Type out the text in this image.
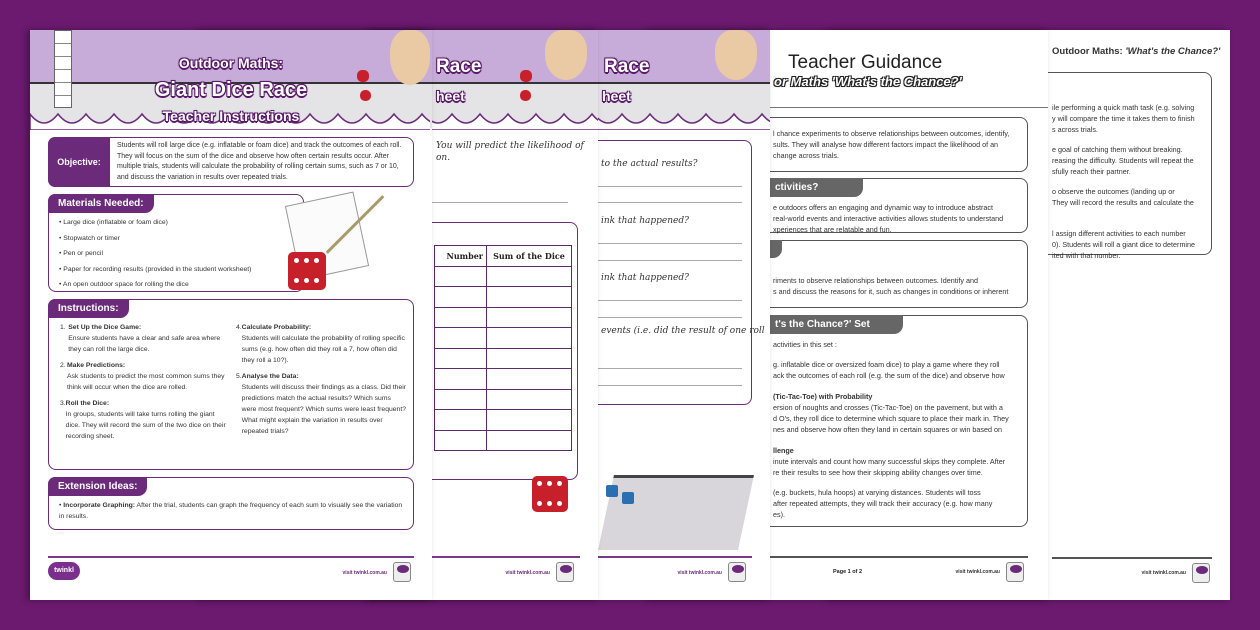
Outdoor Maths: 'What's the Chance?'
ile performing a quick math task (e.g. solving
y will compare the time it takes them to finish
s across trials.
e goal of catching them without breaking.
reasing the difficulty. Students will repeat the
sfully reach their partner.
o observe the outcomes (landing up or
They will record the results and calculate the
l assign different activities to each number
0). Students will roll a giant dice to determine
ited with that number.
visit twinkl.com.au
Teacher Guidance
or Maths 'What's the Chance?'
l chance experiments to observe relationships between outcomes, identify,
sults. They will analyse how different factors impact the likelihood of an
change across trials.
ctivities?
e outdoors offers an engaging and dynamic way to introduce abstract
real-world events and interactive activities allows students to understand
xperiences that are relatable and fun.
riments to observe relationships between outcomes. Identify and
s and discuss the reasons for it, such as changes in conditions or inherent
t's the Chance?' Set
activities in this set :
g. inflatable dice or oversized foam dice) to play a game where they roll
ack the outcomes of each roll (e.g. the sum of the dice) and observe how
(Tic-Tac-Toe) with Probability
ersion of noughts and crosses (Tic-Tac-Toe) on the pavement, but with a
d O's, they roll dice to determine which square to place their mark in. They
nes and observe how often they land in certain squares or win based on
llenge
inute intervals and count how many successful skips they complete. After
re their results to see how their skipping ability changes over time.
(e.g. buckets, hula hoops) at varying distances. Students will toss
after repeated attempts, they will track their accuracy (e.g. how many
es).
Page 1 of 2	visit twinkl.com.au
Race
heet
to the actual results?
ink that happened?
ink that happened?
events (i.e. did the result of one roll
visit twinkl.com.au
Race
heet
You will predict the likelihood of
on.
Number	Sum of the Dice

visit twinkl.com.au
Outdoor Maths:
Giant Dice Race
Teacher Instructions
Objective:
Students will roll large dice (e.g. inflatable or foam dice) and track the outcomes of each roll. They will focus on the sum of the dice and observe how often certain results occur. After multiple trials, students will calculate the probability of rolling certain sums, such as 7 or 10, and discuss the variation in results over repeated trials.
Materials Needed:
• Large dice (inflatable or foam dice)
• Stopwatch or timer
• Pen or pencil
• Paper for recording results (provided in the student worksheet)
• An open outdoor space for rolling the dice
Instructions:
1. Set Up the Dice Game:
Ensure students have a clear and safe area where they can roll the large dice.
2. Make Predictions:
Ask students to predict the most common sums they think will occur when the dice are rolled.
3. Roll the Dice:
In groups, students will take turns rolling the giant dice. They will record the sum of the two dice on their recording sheet.
4. Calculate Probability:
Students will calculate the probability of rolling specific sums (e.g. how often did they roll a 7, how often did they roll a 10?).
5. Analyse the Data:
Students will discuss their findings as a class. Did their predictions match the actual results? Which sums were most frequent? Which sums were least frequent? What might explain the variation in results over repeated trials?
Extension Ideas:
• Incorporate Graphing: After the trial, students can graph the frequency of each sum to visually see the variation in results.
twinkl	visit twinkl.com.au
